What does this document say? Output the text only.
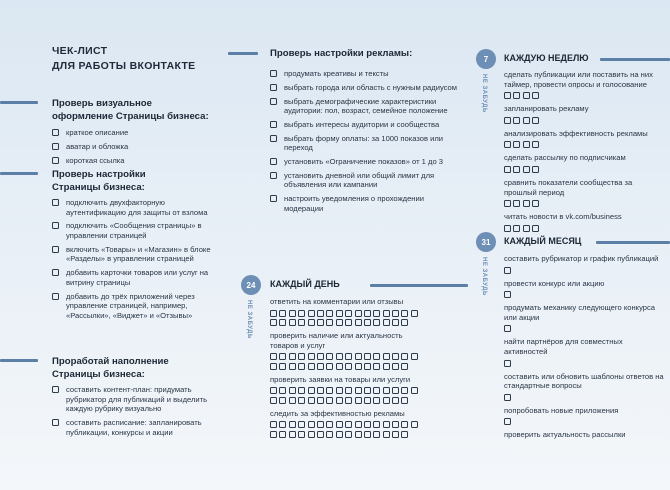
ЧЕК-ЛИСТ
ДЛЯ РАБОТЫ ВКОНТАКТЕ
Проверь визуальное
оформление Страницы бизнеса:
краткое описание
аватар и обложка
короткая ссылка
Проверь настройки
Страницы бизнеса:
подключить двухфакторную аутентификацию для защиты от взлома
подключить «Сообщения страницы» в управлении страницей
включить «Товары» и «Магазин» в блоке «Разделы» в управлении страницей
добавить карточки товаров или услуг на витрину страницы
добавить до трёх приложений через управление страницей, например, «Рассылки», «Виджет» и «Отзывы»
Проработай наполнение
Страницы бизнеса:
составить контент-план: придумать рубрикатор для публикаций и выделить каждую рубрику визуально
составить расписание: запланировать публикации, конкурсы и акции
Проверь настройки рекламы:
продумать креативы и тексты
выбрать города или область с нужным радиусом
выбрать демографические характеристики аудитории: пол, возраст, семейное положение
выбрать интересы аудитории и сообщества
выбрать форму оплаты: за 1000 показов или переход
установить «Ограничение показов» от 1 до 3
установить дневной или общий лимит для объявления или кампании
настроить уведомления о прохождении модерации
24
НЕ ЗАБУДЬ
КАЖДЫЙ ДЕНЬ
ответить на комментарии или отзывы
проверить наличие или актуальность товаров и услуг
проверить заявки на товары или услуги
следить за эффективностью рекламы
7
НЕ ЗАБУДЬ
КАЖДУЮ НЕДЕЛЮ
сделать публикации или поставить на них таймер, провести опросы и голосование
запланировать рекламу
анализировать эффективность рекламы
сделать рассылку по подписчикам
сравнить показатели сообщества за прошлый период
читать новости в vk.com/business
31
НЕ ЗАБУДЬ
КАЖДЫЙ МЕСЯЦ
составить рубрикатор и график публикаций
провести конкурс или акцию
продумать механику следующего конкурса или акции
найти партнёров для совместных активностей
составить или обновить шаблоны ответов на стандартные вопросы
попробовать новые приложения
проверить актуальность рассылки
